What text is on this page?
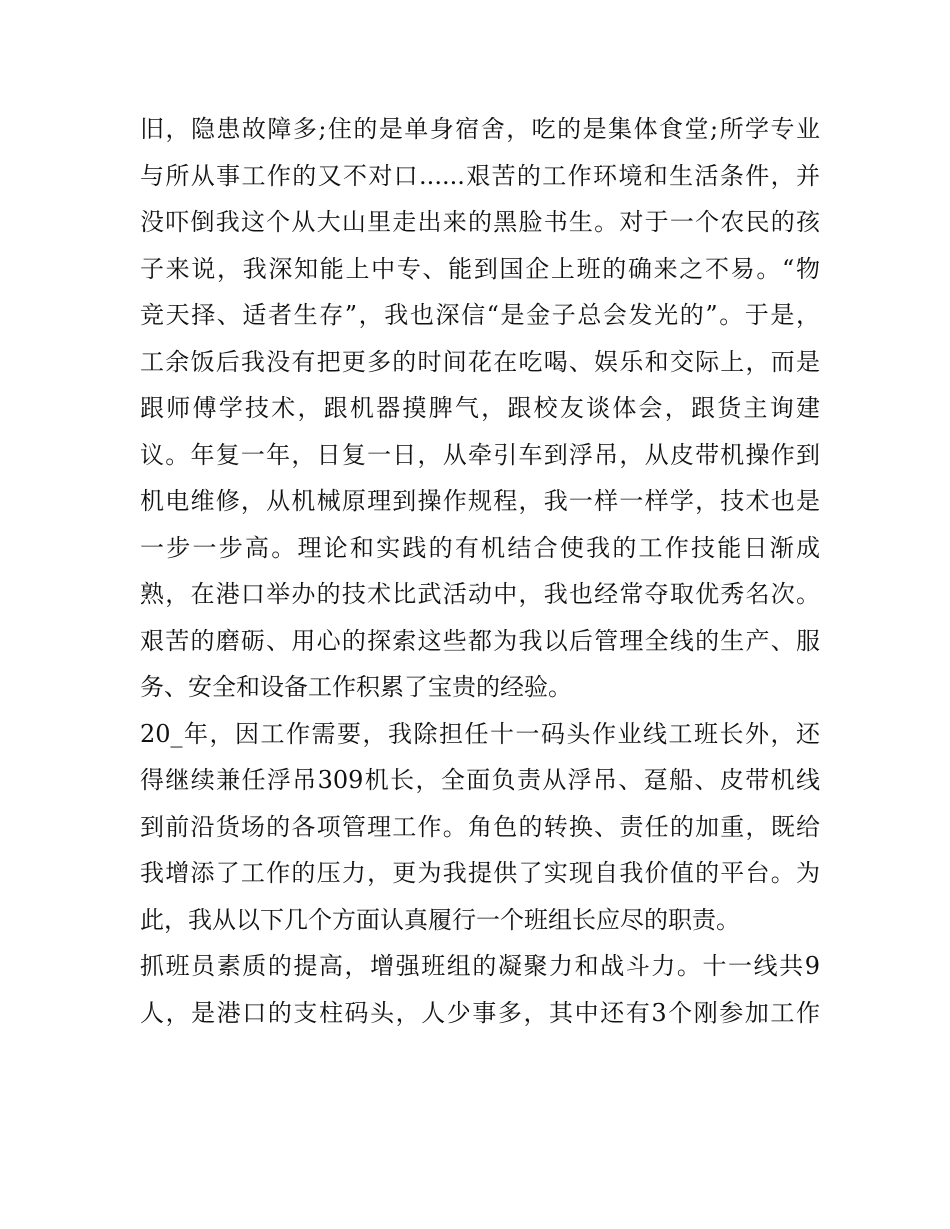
旧，隐患故障多;住的是单身宿舍，吃的是集体食堂;所学专业
与所从事工作的又不对口......艰苦的工作环境和生活条件，并
没吓倒我这个从大山里走出来的黑脸书生。对于一个农民的孩
子来说，我深知能上中专、能到国企上班的确来之不易。“物
竞天择、适者生存”，我也深信“是金子总会发光的”。于是，
工余饭后我没有把更多的时间花在吃喝、娱乐和交际上，而是
跟师傅学技术，跟机器摸脾气，跟校友谈体会，跟货主询建
议。年复一年，日复一日，从牵引车到浮吊，从皮带机操作到
机电维修，从机械原理到操作规程，我一样一样学，技术也是
一步一步高。理论和实践的有机结合使我的工作技能日渐成
熟，在港口举办的技术比武活动中，我也经常夺取优秀名次。
艰苦的磨砺、用心的探索这些都为我以后管理全线的生产、服
务、安全和设备工作积累了宝贵的经验。
20_年，因工作需要，我除担任十一码头作业线工班长外，还
得继续兼任浮吊309机长，全面负责从浮吊、趸船、皮带机线
到前沿货场的各项管理工作。角色的转换、责任的加重，既给
我增添了工作的压力，更为我提供了实现自我价值的平台。为
此，我从以下几个方面认真履行一个班组长应尽的职责。
抓班员素质的提高，增强班组的凝聚力和战斗力。十一线共9
人，是港口的支柱码头，人少事多，其中还有3个刚参加工作
